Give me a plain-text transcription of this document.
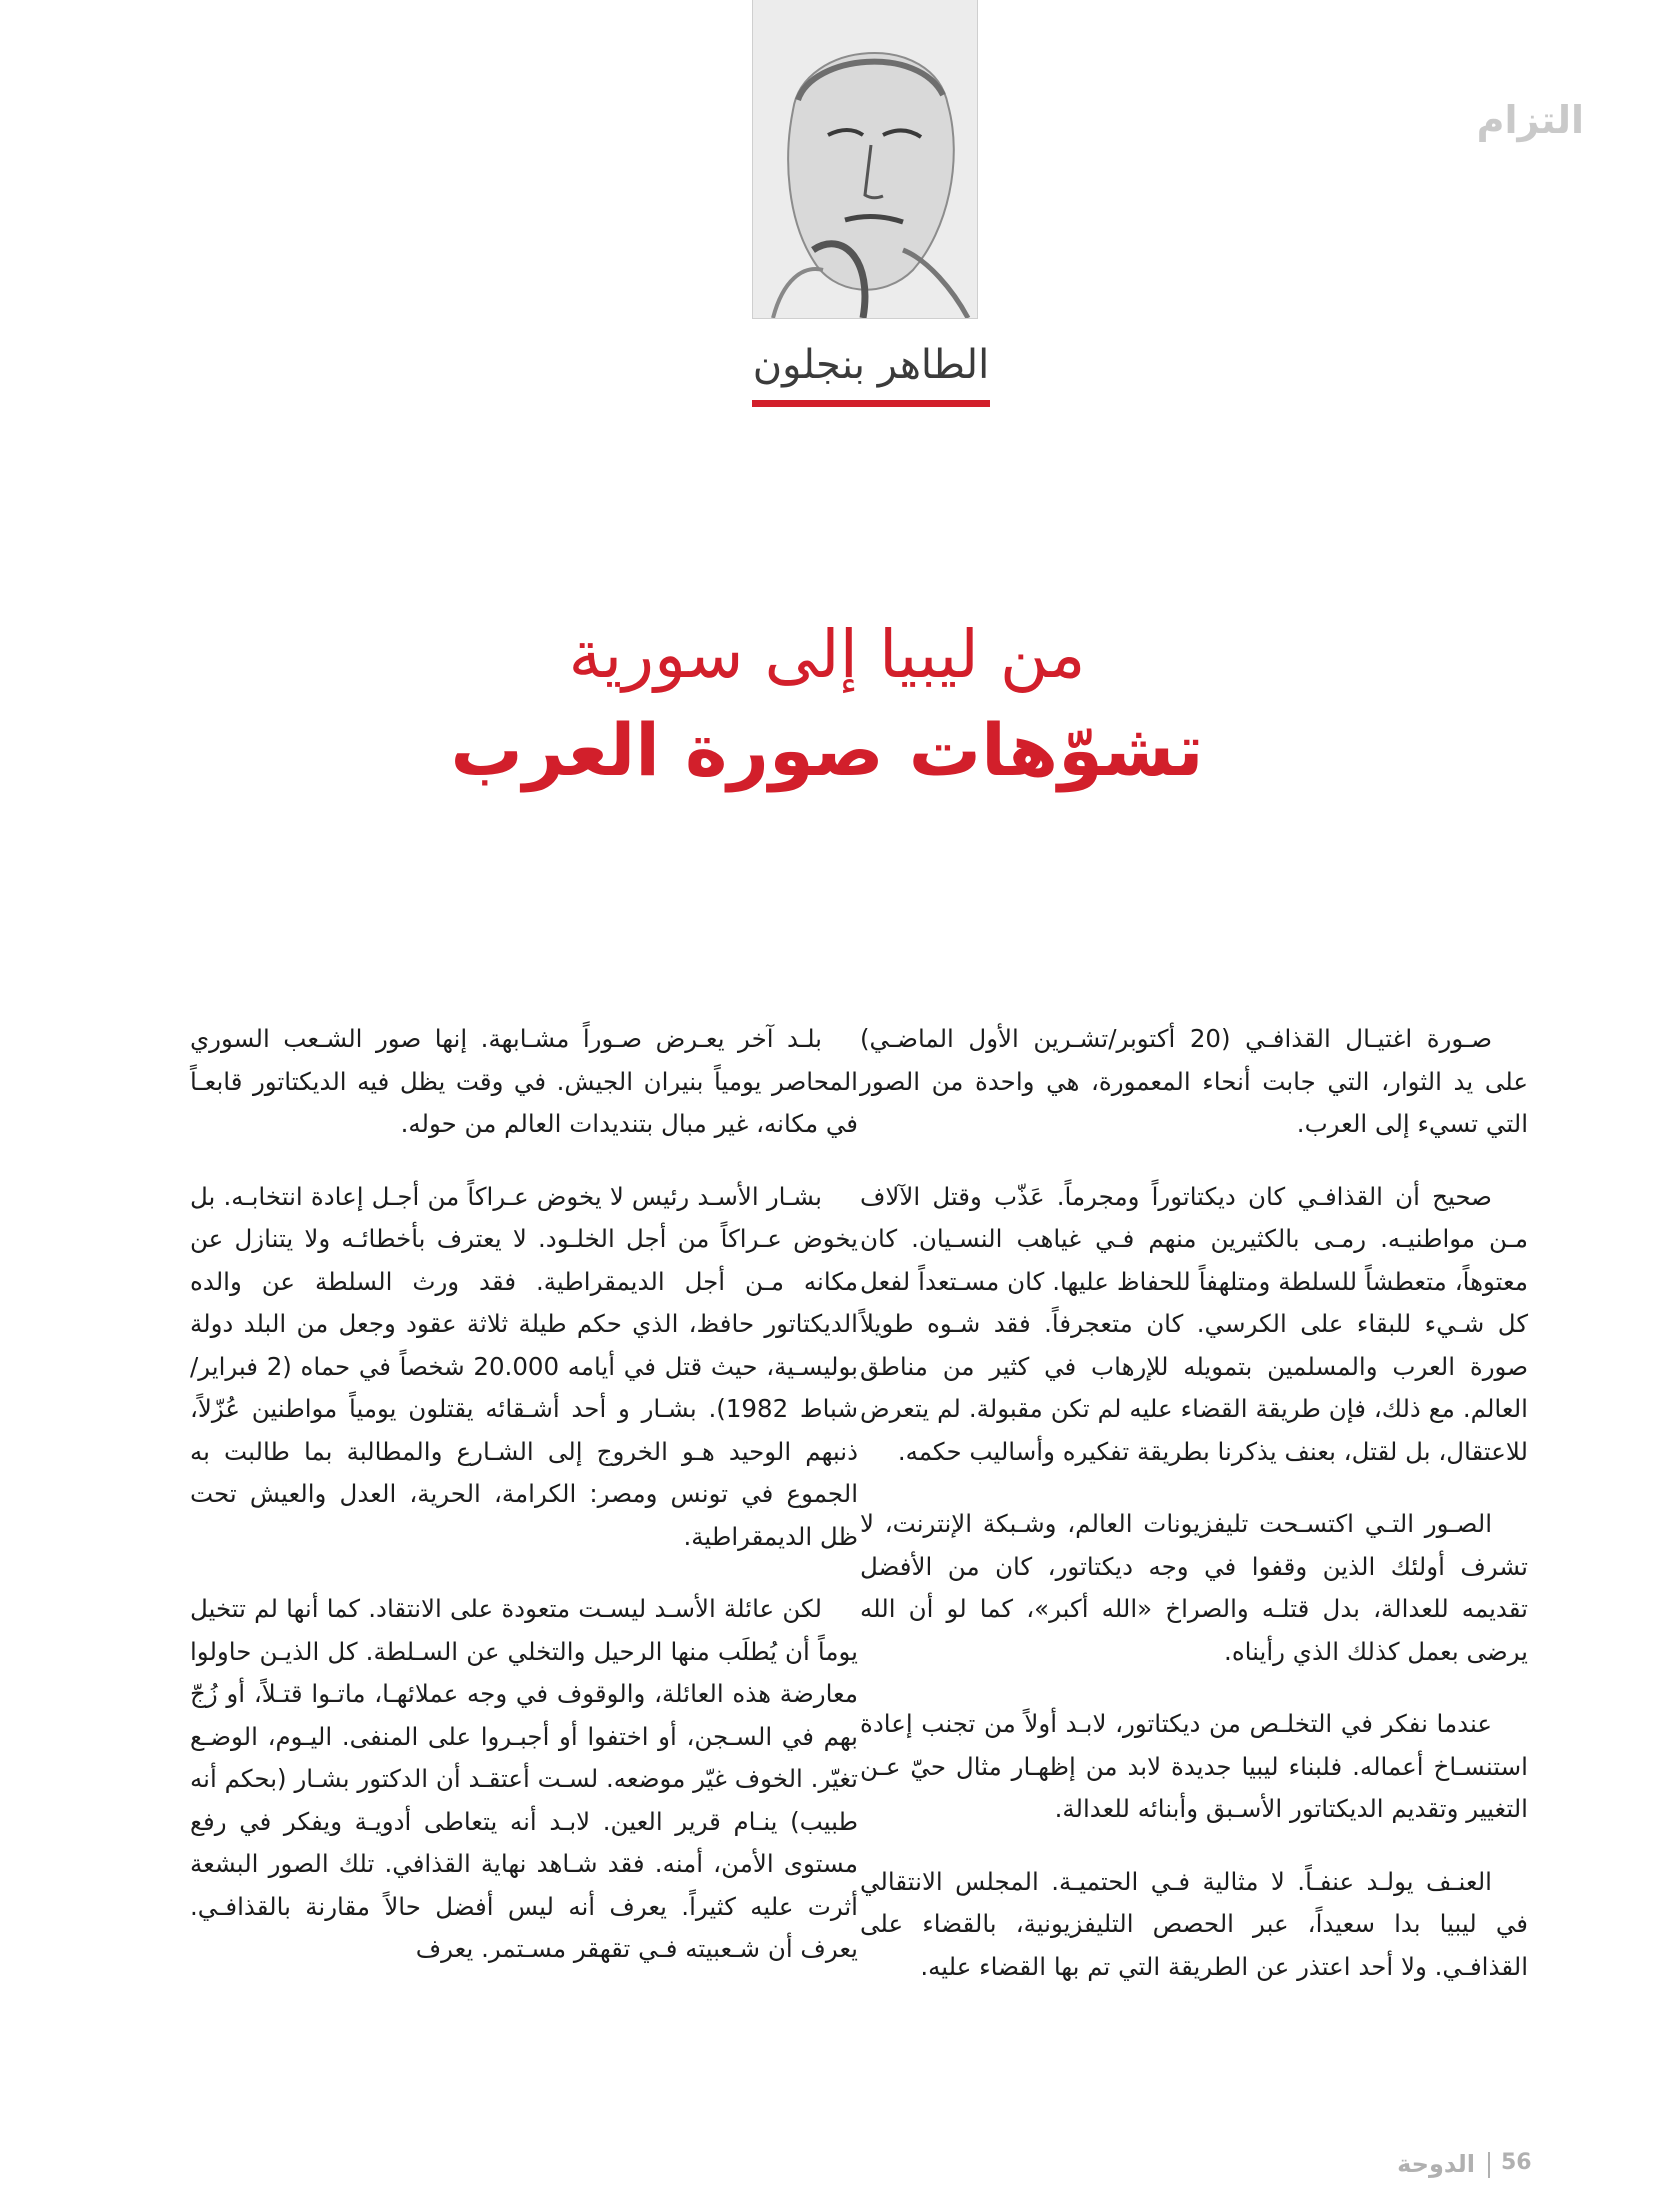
التزام
الطاهر بنجلون

من ليبيا إلى سورية

تشوّهات صورة العرب

صـورة اغتيـال القذافـي (20 أكتوبر/تشـرين الأول الماضـي) على يد الثوار، التي جابت أنحاء المعمورة، هي واحدة من الصور التي تسيء إلى العرب.

صحيح أن القذافـي كان ديكتاتوراً ومجرماً. عَذّب وقتل الآلاف مـن مواطنيـه. رمـى بالكثيرين منهم فـي غياهب النسـيان. كان معتوهاً، متعطشاً للسلطة ومتلهفاً للحفاظ عليها. كان مسـتعداً لفعل كل شـيء للبقاء على الكرسي. كان متعجرفاً. فقد شـوه طويلاً صورة العرب والمسلمين بتمويله للإرهاب في كثير من مناطق العالم. مع ذلك، فإن طريقة القضاء عليه لم تكن مقبولة. لم يتعرض للاعتقال، بل لقتل، بعنف يذكرنا بطريقة تفكيره وأساليب حكمه.

الصـور التـي اكتسـحت تليفزيونات العالم، وشـبكة الإنترنت، لا تشرف أولئك الذين وقفوا في وجه ديكتاتور، كان من الأفضل تقديمه للعدالة، بدل قتلـه والصراخ «الله أكبر»، كما لو أن الله يرضى بعمل كذلك الذي رأيناه.

عندما نفكر في التخلـص من ديكتاتور، لابـد أولاً من تجنب إعادة استنسـاخ أعماله. فلبناء ليبيا جديدة لابد من إظهـار مثال حيّ عـن التغيير وتقديم الديكتاتور الأسـبق وأبنائه للعدالة.

العنـف يولـد عنفـاً. لا مثالية فـي الحتميـة. المجلس الانتقالي في ليبيا بدا سعيداً، عبر الحصص التليفزيونية، بالقضاء على القذافـي. ولا أحد اعتذر عن الطريقة التي تم بها القضاء عليه.

بلـد آخر يعـرض صـوراً مشـابهة. إنها صور الشـعب السوري المحاصر يومياً بنيران الجيش. في وقت يظل فيه الديكتاتور قابعـاً في مكانه، غير مبال بتنديدات العالم من حوله.

بشـار الأسـد رئيس لا يخوض عـراكاً من أجـل إعادة انتخابـه. بل يخوض عـراكاً من أجل الخلـود. لا يعترف بأخطائـه ولا يتنازل عن مكانه مـن أجل الديمقراطية. فقد ورث السلطة عن والده الديكتاتور حافظ، الذي حكم طيلة ثلاثة عقود وجعل من البلد دولة بوليسـية، حيث قتل في أيامه 20.000 شخصاً في حماه (2 فبراير/شباط 1982). بشـار و أحد أشـقائه يقتلون يومياً مواطنين عُزّلاً، ذنبهم الوحيد هـو الخروج إلى الشـارع والمطالبة بما طالبت به الجموع في تونس ومصر: الكرامة، الحرية، العدل والعيش تحت ظل الديمقراطية.

لكن عائلة الأسـد ليسـت متعودة على الانتقاد. كما أنها لم تتخيل يوماً أن يُطلَب منها الرحيل والتخلي عن السـلطة. كل الذيـن حاولوا معارضة هذه العائلة، والوقوف في وجه عملائهـا، ماتـوا قتـلاً، أو زُجّ بهم في السـجن، أو اختفوا أو أجبـروا على المنفى. اليـوم، الوضـع تغيّر. الخوف غيّر موضعه. لسـت أعتقـد أن الدكتور بشـار (بحكم أنه طبيب) ينـام قرير العين. لابـد أنه يتعاطى أدويـة ويفكر في رفع مستوى الأمن، أمنه. فقد شـاهد نهاية القذافي. تلك الصور البشعة أثرت عليه كثيراً. يعرف أنه ليس أفضل حالاً مقارنة بالقذافـي. يعرف أن شـعبيته فـي تقهقر مسـتمر. يعرف

الدوحة 56
